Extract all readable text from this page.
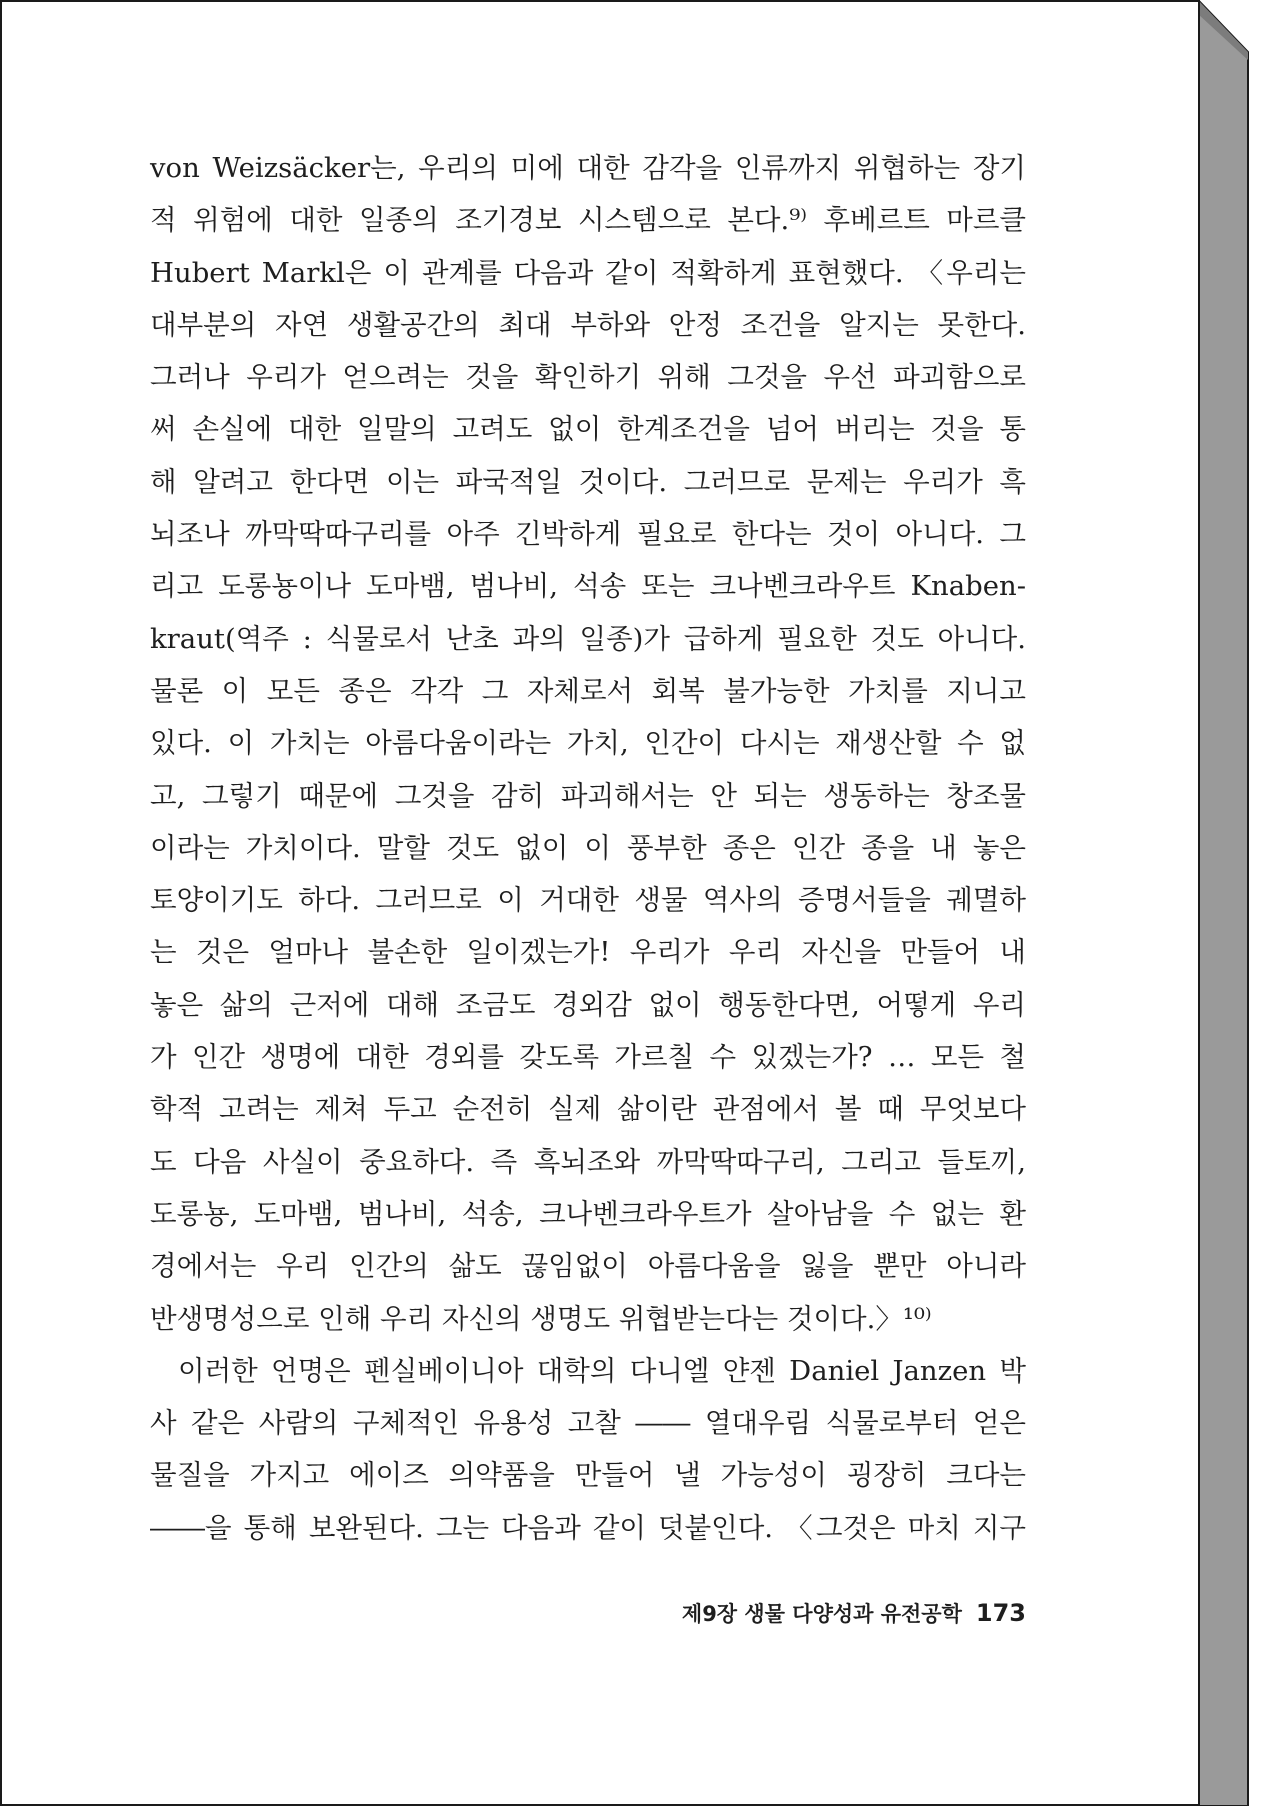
von Weizsäcker는, 우리의 미에 대한 감각을 인류까지 위협하는 장기
적 위험에 대한 일종의 조기경보 시스템으로 본다.⁹⁾ 후베르트 마르클
Hubert Markl은 이 관계를 다음과 같이 적확하게 표현했다. 〈우리는
대부분의 자연 생활공간의 최대 부하와 안정 조건을 알지는 못한다.
그러나 우리가 얻으려는 것을 확인하기 위해 그것을 우선 파괴함으로
써 손실에 대한 일말의 고려도 없이 한계조건을 넘어 버리는 것을 통
해 알려고 한다면 이는 파국적일 것이다. 그러므로 문제는 우리가 흑
뇌조나 까막딱따구리를 아주 긴박하게 필요로 한다는 것이 아니다. 그
리고 도롱뇽이나 도마뱀, 범나비, 석송 또는 크나벤크라우트 Knaben-
kraut(역주 : 식물로서 난초 과의 일종)가 급하게 필요한 것도 아니다.
물론 이 모든 종은 각각 그 자체로서 회복 불가능한 가치를 지니고
있다. 이 가치는 아름다움이라는 가치, 인간이 다시는 재생산할 수 없
고, 그렇기 때문에 그것을 감히 파괴해서는 안 되는 생동하는 창조물
이라는 가치이다. 말할 것도 없이 이 풍부한 종은 인간 종을 내 놓은
토양이기도 하다. 그러므로 이 거대한 생물 역사의 증명서들을 궤멸하
는 것은 얼마나 불손한 일이겠는가! 우리가 우리 자신을 만들어 내
놓은 삶의 근저에 대해 조금도 경외감 없이 행동한다면, 어떻게 우리
가 인간 생명에 대한 경외를 갖도록 가르칠 수 있겠는가? … 모든 철
학적 고려는 제쳐 두고 순전히 실제 삶이란 관점에서 볼 때 무엇보다
도 다음 사실이 중요하다. 즉 흑뇌조와 까막딱따구리, 그리고 들토끼,
도롱뇽, 도마뱀, 범나비, 석송, 크나벤크라우트가 살아남을 수 없는 환
경에서는 우리 인간의 삶도 끊임없이 아름다움을 잃을 뿐만 아니라
반생명성으로 인해 우리 자신의 생명도 위협받는다는 것이다.〉¹⁰⁾
이러한 언명은 펜실베이니아 대학의 다니엘 얀젠 Daniel Janzen 박
사 같은 사람의 구체적인 유용성 고찰 ―― 열대우림 식물로부터 얻은
물질을 가지고 에이즈 의약품을 만들어 낼 가능성이 굉장히 크다는
――을 통해 보완된다. 그는 다음과 같이 덧붙인다. 〈그것은 마치 지구
제9장 생물 다양성과 유전공학 173
